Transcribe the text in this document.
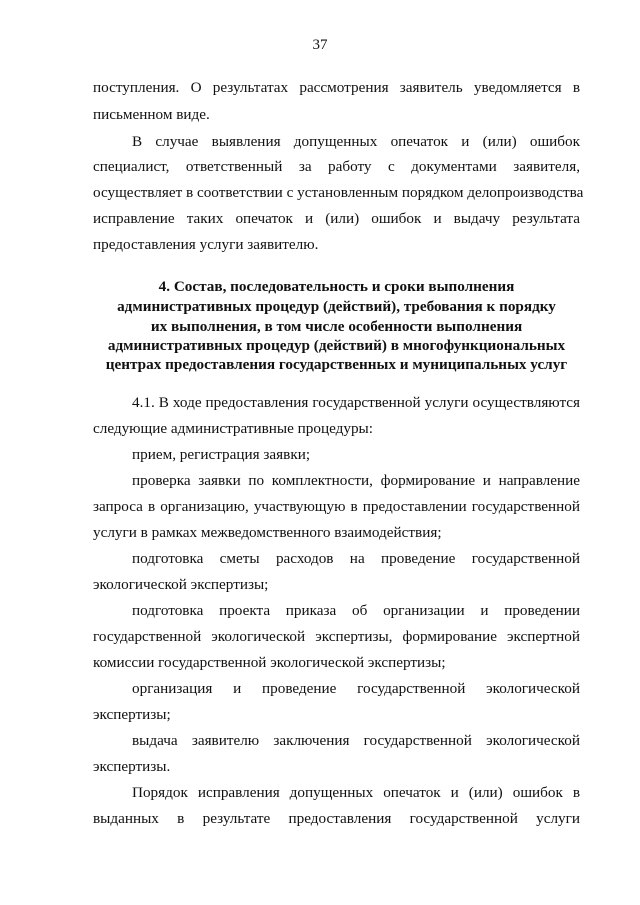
37
поступления. О результатах рассмотрения заявитель уведомляется в
письменном виде.
В случае выявления допущенных опечаток и (или) ошибок
специалист, ответственный за работу с документами заявителя,
осуществляет в соответствии с установленным порядком делопроизводства
исправление таких опечаток и (или) ошибок и выдачу результата
предоставления услуги заявителю.
4. Состав, последовательность и сроки выполнения
административных процедур (действий), требования к порядку
их выполнения, в том числе особенности выполнения
административных процедур (действий) в многофункциональных
центрах предоставления государственных и муниципальных услуг
4.1. В ходе предоставления государственной услуги осуществляются
следующие административные процедуры:
прием, регистрация заявки;
проверка заявки по комплектности, формирование и направление
запроса в организацию, участвующую в предоставлении государственной
услуги в рамках межведомственного взаимодействия;
подготовка сметы расходов на проведение государственной
экологической экспертизы;
подготовка проекта приказа об организации и проведении
государственной экологической экспертизы, формирование экспертной
комиссии государственной экологической экспертизы;
организация и проведение государственной экологической
экспертизы;
выдача заявителю заключения государственной экологической
экспертизы.
Порядок исправления допущенных опечаток и (или) ошибок в
выданных в результате предоставления государственной услуги
